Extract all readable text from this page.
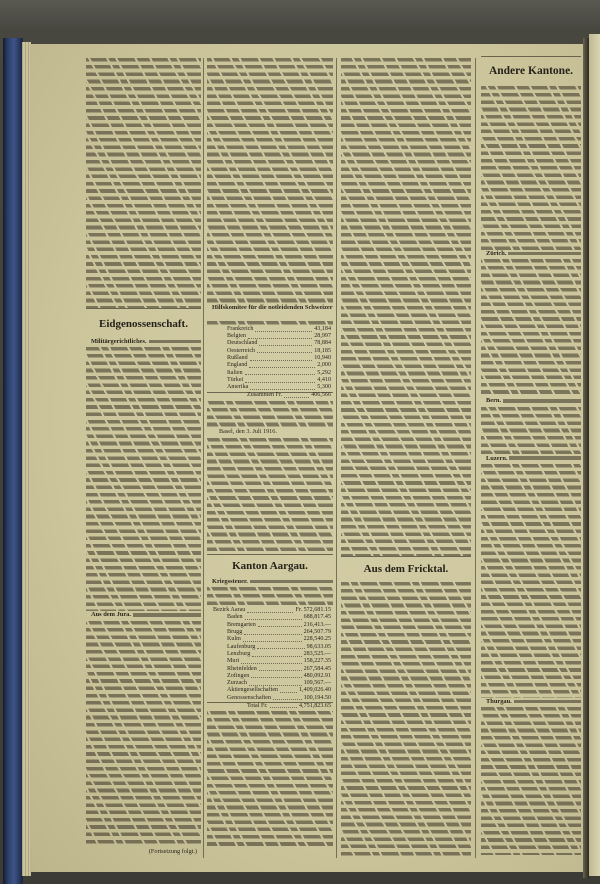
Eidgenossenschaft.
Militärgerichtliches.
Aus dem Jura.
(Fortsetzung folgt.)
Hilfskomitee für die notleidenden Schweizer
Frankreich	43,184
Belgien	28,997
Deutschland	78,884
Oesterreich	18,185
Rußland	10,940
England	2,000
Italien	5,292
Türkei	4,410
Amerika	5,300
Zusammen Fr.	406,566
Basel, den 3. Juli 1916.
Kanton Aargau.
Kriegssteuer.
Bezirk Aarau	Fr. 572,681.15
Baden	688,817.45
Bremgarten	216,413.—
Brugg	264,507.79
Kulm	228,540.25
Laufenburg	98,633.05
Lenzburg	283,525.—
Muri	158,227.35
Rheinfelden	267,584.45
Zofingen	480,092.91
Zurzach	109,567.—
Aktiengesellschaften	1,409,026.40
Genossenschaften	100,194.50
Total Fr.	4,751,823.65
Aus dem Fricktal.
Andere Kantone.
Zürich.
Bern.
Luzern.
Thurgau.
